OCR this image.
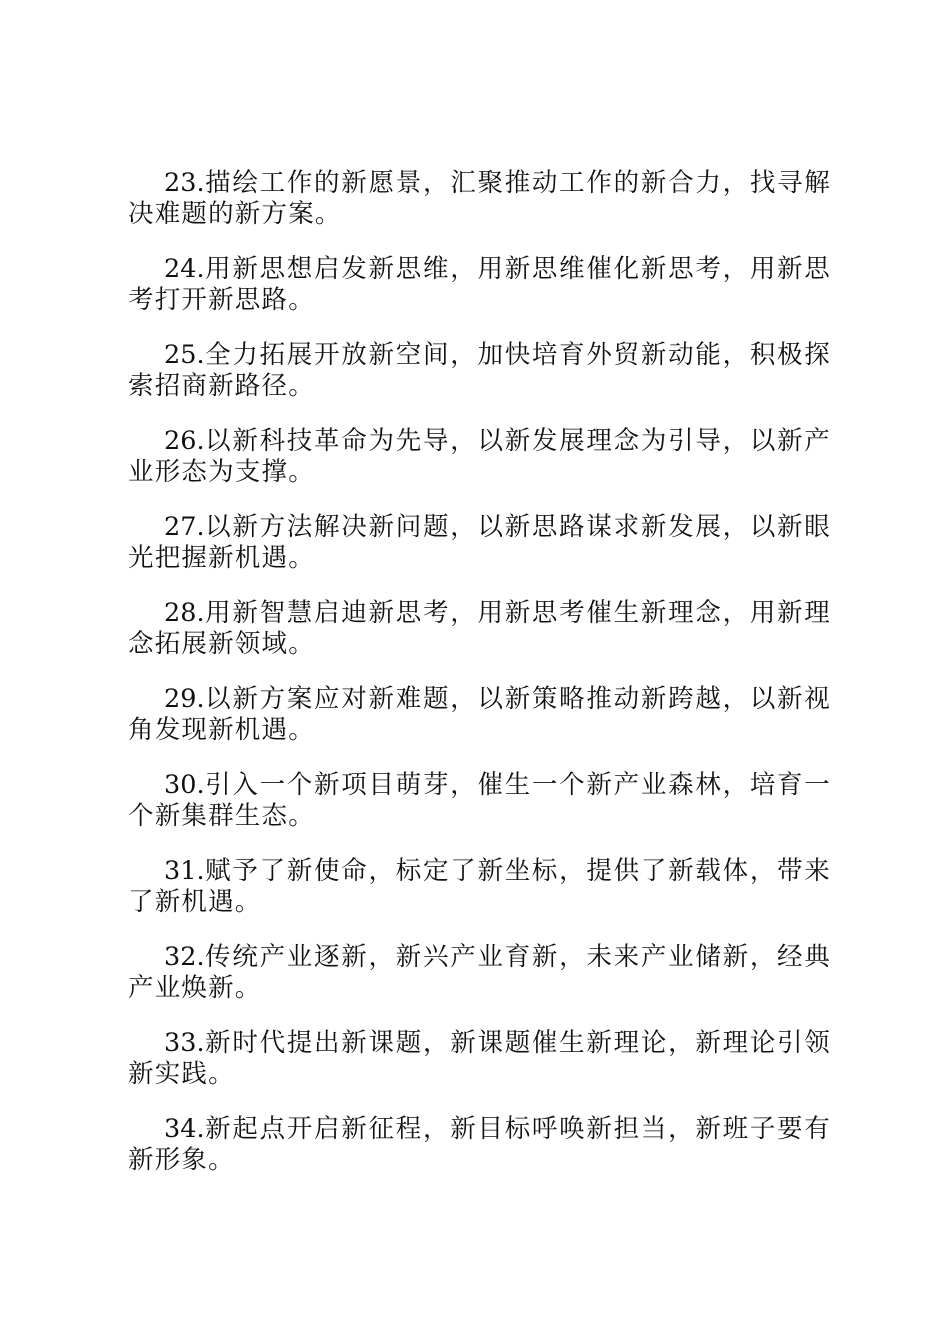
23.描绘工作的新愿景，汇聚推动工作的新合力，找寻解决难题的新方案。

24.用新思想启发新思维，用新思维催化新思考，用新思考打开新思路。

25.全力拓展开放新空间，加快培育外贸新动能，积极探索招商新路径。

26.以新科技革命为先导，以新发展理念为引导，以新产业形态为支撑。

27.以新方法解决新问题，以新思路谋求新发展，以新眼光把握新机遇。

28.用新智慧启迪新思考，用新思考催生新理念，用新理念拓展新领域。

29.以新方案应对新难题，以新策略推动新跨越，以新视角发现新机遇。

30.引入一个新项目萌芽，催生一个新产业森林，培育一个新集群生态。

31.赋予了新使命，标定了新坐标，提供了新载体，带来了新机遇。

32.传统产业逐新，新兴产业育新，未来产业储新，经典产业焕新。

33.新时代提出新课题，新课题催生新理论，新理论引领新实践。

34.新起点开启新征程，新目标呼唤新担当，新班子要有新形象。
